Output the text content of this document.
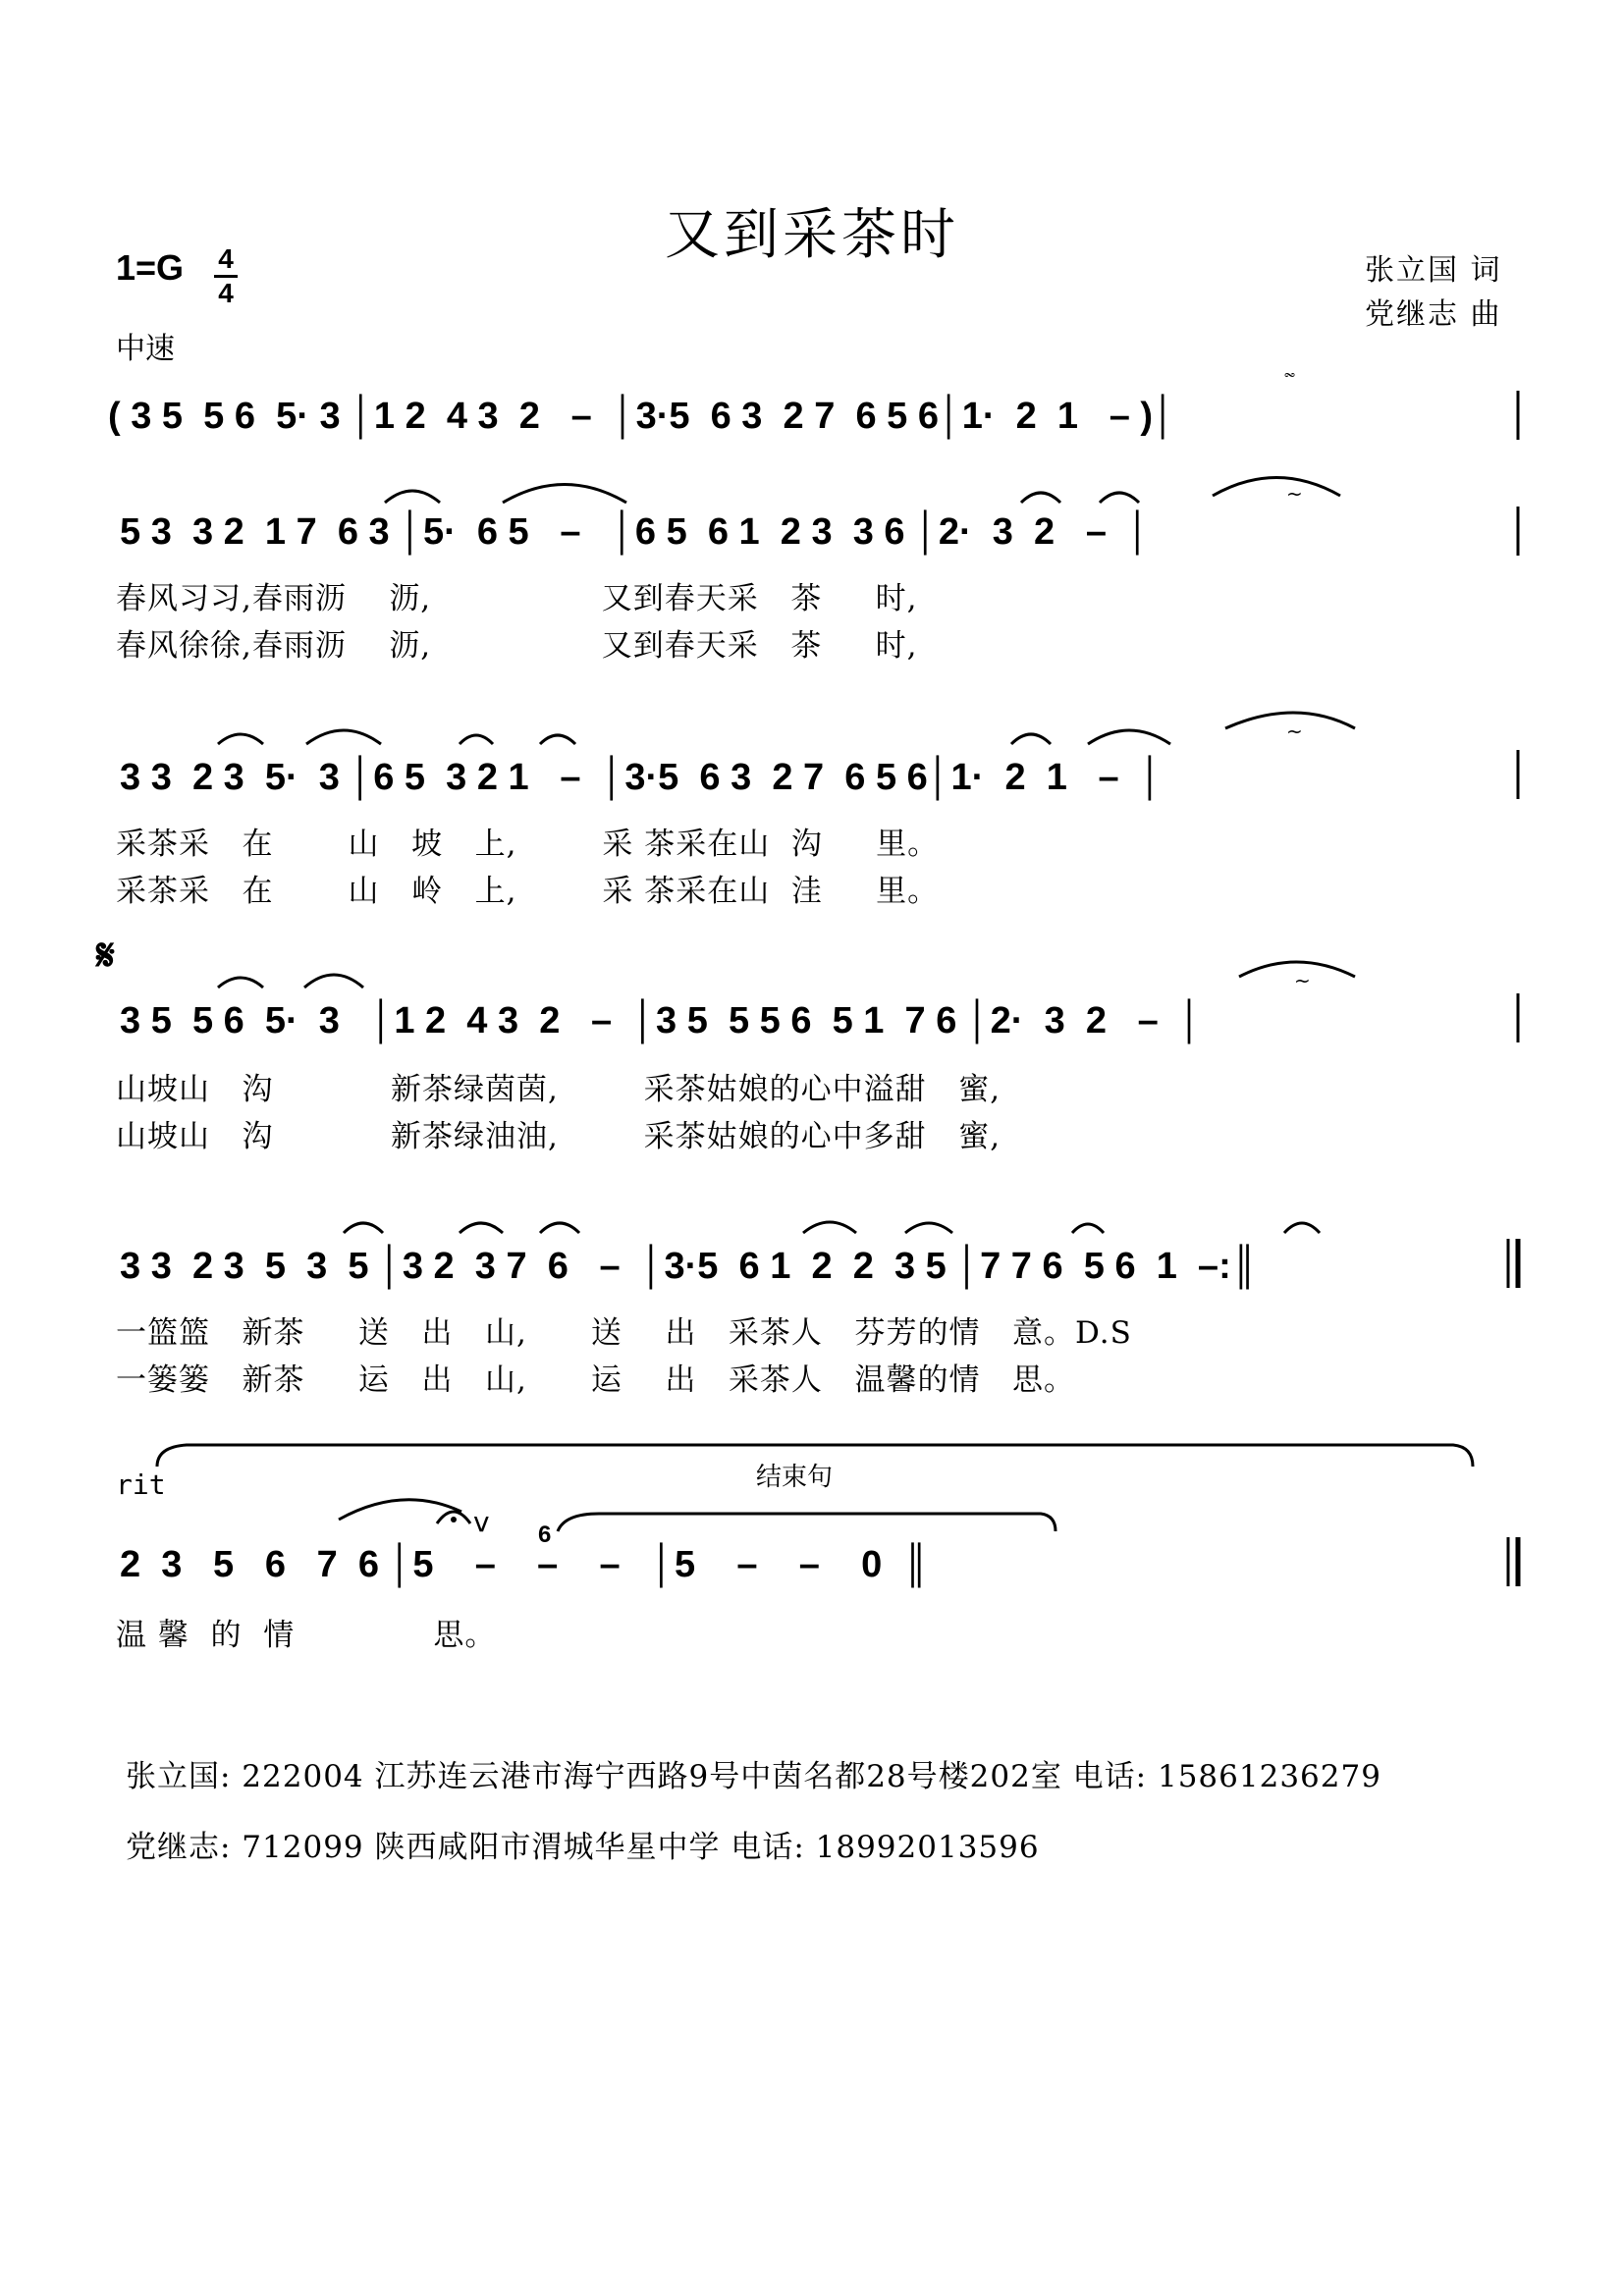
又到采茶时
张立国 词
党继志 曲
1=G 4
4
中速
( 3 5  5 6  5· 3 │1 2  4 3  2   –  │3·5  6 3  2 7  6 5 6│1·  2  1   – )│
5 3  3 2  1 7  6 3 │5·  6 5   –   │6 5  6 1  2 3  3 6 │2·  3  2   –  │
春风习习,春雨沥    沥,                又到春天采   茶     时,
春风徐徐,春雨沥    沥,                又到春天采   茶     时,
3 3  2 3  5·  3 │6 5  3 2 1   –  │3·5  6 3  2 7  6 5 6│1·  2  1   –  │
采茶采   在       山   坡   上,        采 茶采在山  沟     里。
采茶采   在       山   岭   上,        采 茶采在山  洼     里。
𝄋
3 5  5 6  5·  3   │1 2  4 3  2   –  │3 5  5 5 6  5 1  7 6 │2·  3  2   –  │
山坡山   沟           新茶绿茵茵,        采茶姑娘的心中溢甜   蜜,
山坡山   沟           新茶绿油油,        采茶姑娘的心中多甜   蜜,
3 3  2 3  5  3  5 │3 2  3 7  6   –  │3·5  6 1  2  2  3 5 │7 7 6  5 6  1  –:║
一篮篮   新茶     送   出   山,      送    出   采茶人   芬芳的情   意。D.S
一篓篓   新茶     运   出   山,      运    出   采茶人   温馨的情   思。
rit	结束句
6
v
2  3   5   6   7  6 │5    –    –    –   │5    –    –    0  ║
温 馨  的  情             思。
张立国: 222004 江苏连云港市海宁西路9号中茵名都28号楼202室 电话: 15861236279
党继志: 712099 陕西咸阳市渭城华星中学 电话: 18992013596
𝆗
~
~
~
